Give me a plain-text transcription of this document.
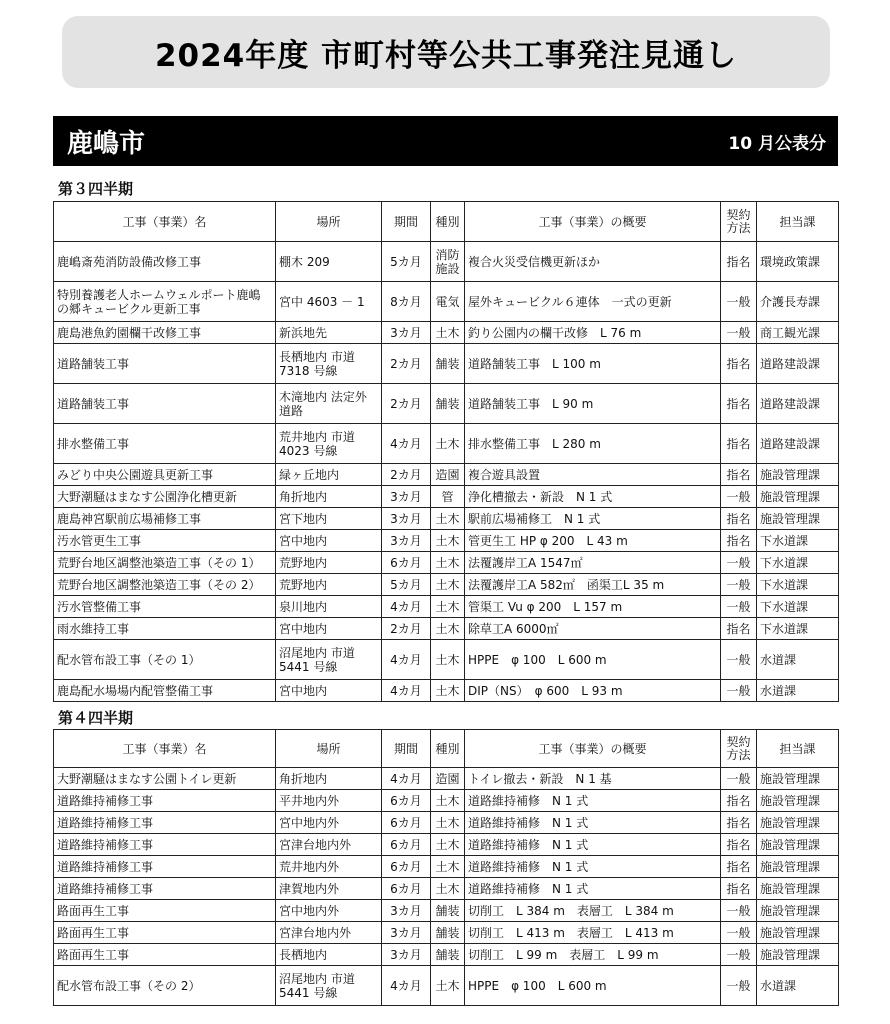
2024年度 市町村等公共工事発注見通し
鹿嶋市	10 月公表分
第３四半期
工事（事業）名	場所	期間	種別	工事（事業）の概要	契約方法	担当課
鹿嶋斎苑消防設備改修工事	棚木 209	5カ月	消防施設	複合火災受信機更新ほか	指名	環境政策課
特別養護老人ホームウェルポート鹿嶋の郷キュービクル更新工事	宮中 4603 － 1	8カ月	電気	屋外キュービクル６連体　一式の更新	一般	介護長寿課
鹿島港魚釣園欄干改修工事	新浜地先	3カ月	土木	釣り公園内の欄干改修　L 76 m	一般	商工観光課
道路舗装工事	長栖地内 市道 7318 号線	2カ月	舗装	道路舗装工事　L 100 m	指名	道路建設課
道路舗装工事	木滝地内 法定外道路	2カ月	舗装	道路舗装工事　L 90 m	指名	道路建設課
排水整備工事	荒井地内 市道 4023 号線	4カ月	土木	排水整備工事　L 280 m	指名	道路建設課
みどり中央公園遊具更新工事	緑ヶ丘地内	2カ月	造園	複合遊具設置	指名	施設管理課
大野潮騒はまなす公園浄化槽更新	角折地内	3カ月	管	浄化槽撤去・新設　N 1 式	一般	施設管理課
鹿島神宮駅前広場補修工事	宮下地内	3カ月	土木	駅前広場補修工　N 1 式	指名	施設管理課
汚水管更生工事	宮中地内	3カ月	土木	管更生工 HP φ 200　L 43 m	指名	下水道課
荒野台地区調整池築造工事（その 1）	荒野地内	6カ月	土木	法覆護岸工A 1547㎡	一般	下水道課
荒野台地区調整池築造工事（その 2）	荒野地内	5カ月	土木	法覆護岸工A 582㎡　函渠工L 35 m	一般	下水道課
汚水管整備工事	泉川地内	4カ月	土木	管渠工 Vu φ 200　L 157 m	一般	下水道課
雨水維持工事	宮中地内	2カ月	土木	除草工A 6000㎡	指名	下水道課
配水管布設工事（その 1）	沼尾地内 市道 5441 号線	4カ月	土木	HPPE　φ 100　L 600 m	一般	水道課
鹿島配水場場内配管整備工事	宮中地内	4カ月	土木	DIP（NS）　φ 600　L 93 m	一般	水道課
第４四半期
工事（事業）名	場所	期間	種別	工事（事業）の概要	契約方法	担当課
大野潮騒はまなす公園トイレ更新	角折地内	4カ月	造園	トイレ撤去・新設　N 1 基	一般	施設管理課
道路維持補修工事	平井地内外	6カ月	土木	道路維持補修　N 1 式	指名	施設管理課
道路維持補修工事	宮中地内外	6カ月	土木	道路維持補修　N 1 式	指名	施設管理課
道路維持補修工事	宮津台地内外	6カ月	土木	道路維持補修　N 1 式	指名	施設管理課
道路維持補修工事	荒井地内外	6カ月	土木	道路維持補修　N 1 式	指名	施設管理課
道路維持補修工事	津賀地内外	6カ月	土木	道路維持補修　N 1 式	指名	施設管理課
路面再生工事	宮中地内外	3カ月	舗装	切削工　L 384 m　表層工　L 384 m	一般	施設管理課
路面再生工事	宮津台地内外	3カ月	舗装	切削工　L 413 m　表層工　L 413 m	一般	施設管理課
路面再生工事	長栖地内	3カ月	舗装	切削工　L 99 m　表層工　L 99 m	一般	施設管理課
配水管布設工事（その 2）	沼尾地内 市道 5441 号線	4カ月	土木	HPPE　φ 100　L 600 m	一般	水道課
